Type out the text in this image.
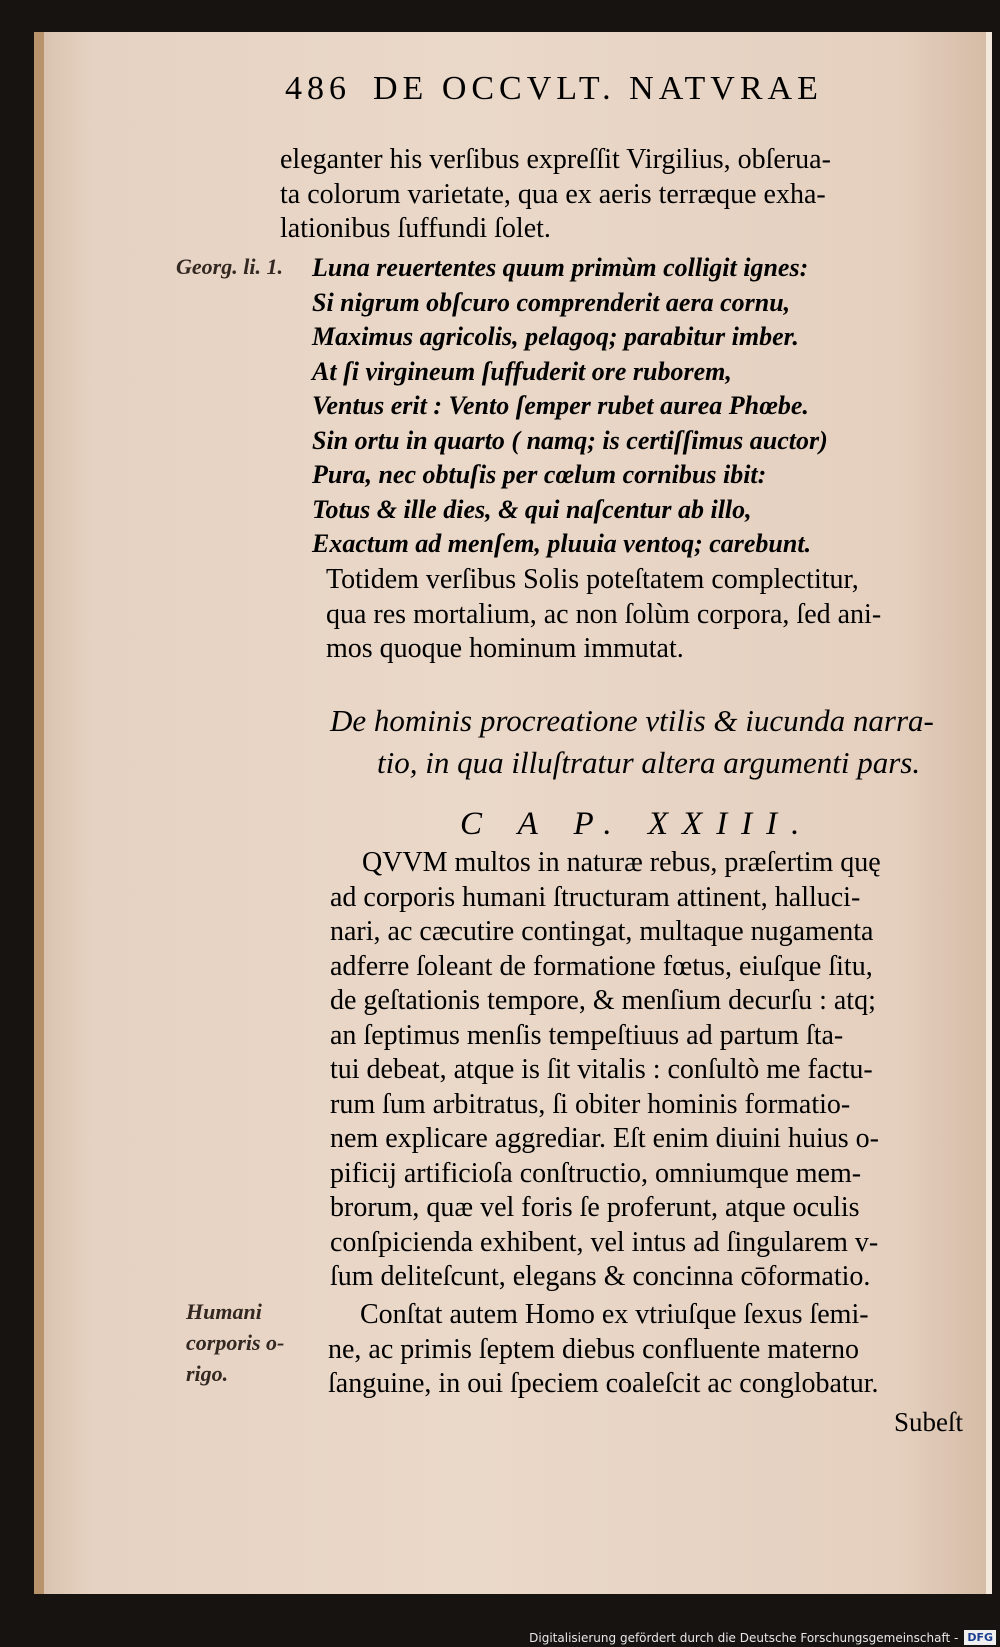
486 DE OCCVLT. NATVRAE
eleganter his verſibus expreſſit Virgilius, obſerua-
ta colorum varietate, qua ex aeris terræque exha-
lationibus ſuffundi ſolet.
Georg. li. 1. Luna reuertentes quum primùm colligit ignes:
Si nigrum obſcuro comprenderit aera cornu,
Maximus agricolis, pelagoq; parabitur imber.
At ſi virgineum ſuffuderit ore ruborem,
Ventus erit : Vento ſemper rubet aurea Phœbe.
Sin ortu in quarto ( namq; is certiſſimus auctor)
Pura, nec obtuſis per cœlum cornibus ibit:
Totus & ille dies, & qui naſcentur ab illo,
Exactum ad menſem, pluuia ventoq; carebunt.
Totidem verſibus Solis poteſtatem complectitur,
qua res mortalium, ac non ſolùm corpora, ſed ani-
mos quoque hominum immutat.
De hominis procreatione vtilis & iucunda narra-
tio, in qua illuſtratur altera argumenti pars.
C A P. XXIII.
QVVM multos in naturæ rebus, præſertim quę
ad corporis humani ſtructuram attinent, halluci-
nari, ac cæcutire contingat, multaque nugamenta
adferre ſoleant de formatione fœtus, eiuſque ſitu,
de geſtationis tempore, & menſium decurſu : atq;
an ſeptimus menſis tempeſtiuus ad partum ſta-
tui debeat, atque is ſit vitalis : conſultò me factu-
rum ſum arbitratus, ſi obiter hominis formatio-
nem explicare aggrediar. Eſt enim diuini huius o-
pificij artificioſa conſtructio, omniumque mem-
brorum, quæ vel foris ſe proferunt, atque oculis
conſpicienda exhibent, vel intus ad ſingularem v-
ſum deliteſcunt, elegans & concinna cōformatio.
Humani
corporis o-
rigo.
Conſtat autem Homo ex vtriuſque ſexus ſemi-
ne, ac primis ſeptem diebus confluente materno
ſanguine, in oui ſpeciem coaleſcit ac conglobatur.
Subeſt
Digitalisierung gefördert durch die Deutsche Forschungsgemeinschaft - DFG
